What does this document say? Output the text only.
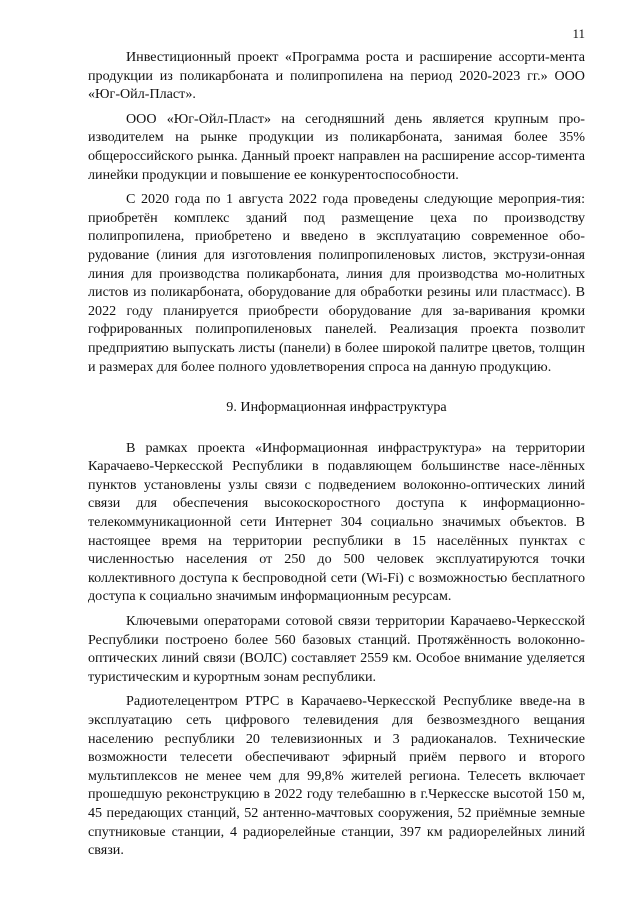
11

Инвестиционный проект «Программа роста и расширение ассорти-мента продукции из поликарбоната и полипропилена на период 2020-2023 гг.» ООО «Юг-Ойл-Пласт».

ООО «Юг-Ойл-Пласт» на сегодняшний день является крупным про-изводителем на рынке продукции из поликарбоната, занимая более 35% общероссийского рынка. Данный проект направлен на расширение ассор-тимента линейки продукции и повышение ее конкурентоспособности.

С 2020 года по 1 августа 2022 года проведены следующие мероприя-тия: приобретён комплекс зданий под размещение цеха по производству полипропилена, приобретено и введено в эксплуатацию современное обо-рудование (линия для изготовления полипропиленовых листов, экструзи-онная линия для производства поликарбоната, линия для производства мо-нолитных листов из поликарбоната, оборудование для обработки резины или пластмасс). В 2022 году планируется приобрести оборудование для за-варивания кромки гофрированных полипропиленовых панелей. Реализация проекта позволит предприятию выпускать листы (панели) в более широкой палитре цветов, толщин и размерах для более полного удовлетворения спроса на данную продукцию.

9. Информационная инфраструктура

В рамках проекта «Информационная инфраструктура» на территории Карачаево-Черкесской Республики в подавляющем большинстве насе-лённых пунктов установлены узлы связи с подведением волоконно-оптических линий связи для обеспечения высокоскоростного доступа к информационно-телекоммуникационной сети Интернет 304 социально значимых объектов. В настоящее время на территории республики в 15 населённых пунктах с численностью населения от 250 до 500 человек эксплуатируются точки коллективного доступа к беспроводной сети (Wi-Fi) с возможностью бесплатного доступа к социально значимым информационным ресурсам.

Ключевыми операторами сотовой связи территории Карачаево-Черкесской Республики построено более 560 базовых станций. Протяжённость волоконно-оптических линий связи (ВОЛС) составляет 2559 км. Особое внимание уделяется туристическим и курортным зонам республики.

Радиотелецентром РТРС в Карачаево-Черкесской Республике введе-на в эксплуатацию сеть цифрового телевидения для безвозмездного вещания населению республики 20 телевизионных и 3 радиоканалов. Технические возможности телесети обеспечивают эфирный приём первого и второго мультиплексов не менее чем для 99,8% жителей региона. Телесеть включает прошедшую реконструкцию в 2022 году телебашню в г.Черкесске высотой 150 м, 45 передающих станций, 52 антенно-мачтовых сооружения, 52 приёмные земные спутниковые станции, 4 радиорелейные станции, 397 км радиорелейных линий связи.
